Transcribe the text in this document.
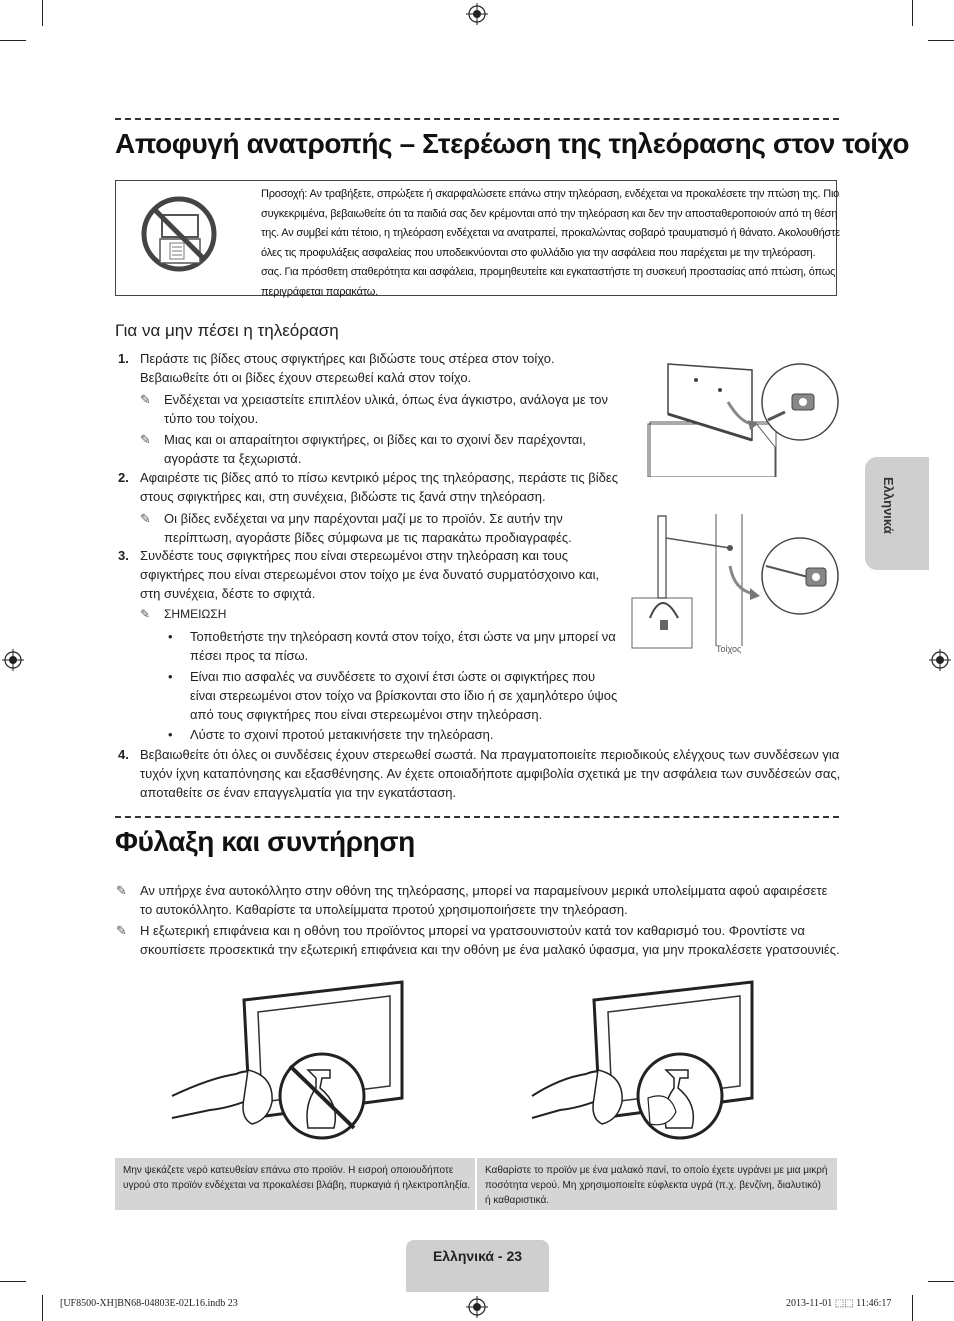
Αποφυγή ανατροπής – Στερέωση της τηλεόρασης στον τοίχο
Προσοχή: Αν τραβήξετε, σπρώξετε ή σκαρφαλώσετε επάνω στην τηλεόραση, ενδέχεται να προκαλέσετε την πτώση της. Πιο
συγκεκριμένα, βεβαιωθείτε ότι τα παιδιά σας δεν κρέμονται από την τηλεόραση και δεν την αποσταθεροποιούν από τη θέση
της. Αν συμβεί κάτι τέτοιο, η τηλεόραση ενδέχεται να ανατραπεί, προκαλώντας σοβαρό τραυματισμό ή θάνατο. Ακολουθήστε
όλες τις προφυλάξεις ασφαλείας που υποδεικνύονται στο φυλλάδιο για την ασφάλεια που παρέχεται με την τηλεόραση.
σας. Για πρόσθετη σταθερότητα και ασφάλεια, προμηθευτείτε και εγκαταστήστε τη συσκευή προστασίας από πτώση, όπως
περιγράφεται παρακάτω.
Για να μην πέσει η τηλεόραση
1. Περάστε τις βίδες στους σφιγκτήρες και βιδώστε τους στέρεα στον τοίχο.
Βεβαιωθείτε ότι οι βίδες έχουν στερεωθεί καλά στον τοίχο.
✎	Ενδέχεται να χρειαστείτε επιπλέον υλικά, όπως ένα άγκιστρο, ανάλογα με τον
τύπο του τοίχου.
✎	Μιας και οι απαραίτητοι σφιγκτήρες, οι βίδες και το σχοινί δεν παρέχονται,
αγοράστε τα ξεχωριστά.
2. Αφαιρέστε τις βίδες από το πίσω κεντρικό μέρος της τηλεόρασης, περάστε τις βίδες
στους σφιγκτήρες και, στη συνέχεια, βιδώστε τις ξανά στην τηλεόραση.
✎	Οι βίδες ενδέχεται να μην παρέχονται μαζί με το προϊόν. Σε αυτήν την
περίπτωση, αγοράστε βίδες σύμφωνα με τις παρακάτω προδιαγραφές.
3. Συνδέστε τους σφιγκτήρες που είναι στερεωμένοι στην τηλεόραση και τους
σφιγκτήρες που είναι στερεωμένοι στον τοίχο με ένα δυνατό συρματόσχοινο και,
στη συνέχεια, δέστε το σφιχτά.
✎	ΣΗΜΕΙΩΣΗ
• Τοποθετήστε την τηλεόραση κοντά στον τοίχο, έτσι ώστε να μην μπορεί να
πέσει προς τα πίσω.
• Είναι πιο ασφαλές να συνδέσετε το σχοινί έτσι ώστε οι σφιγκτήρες που
είναι στερεωμένοι στον τοίχο να βρίσκονται στο ίδιο ή σε χαμηλότερο ύψος
από τους σφιγκτήρες που είναι στερεωμένοι στην τηλεόραση.
• Λύστε το σχοινί προτού μετακινήσετε την τηλεόραση.
4. Βεβαιωθείτε ότι όλες οι συνδέσεις έχουν στερεωθεί σωστά. Να πραγματοποιείτε περιοδικούς ελέγχους των συνδέσεων για
τυχόν ίχνη καταπόνησης και εξασθένησης. Αν έχετε οποιαδήποτε αμφιβολία σχετικά με την ασφάλεια των συνδέσεών σας,
αποταθείτε σε έναν επαγγελματία για την εγκατάσταση.
Τοίχος
Φύλαξη και συντήρηση
✎	Αν υπήρχε ένα αυτοκόλλητο στην οθόνη της τηλεόρασης, μπορεί να παραμείνουν μερικά υπολείμματα αφού αφαιρέσετε
το αυτοκόλλητο. Καθαρίστε τα υπολείμματα προτού χρησιμοποιήσετε την τηλεόραση.
✎	Η εξωτερική επιφάνεια και η οθόνη του προϊόντος μπορεί να γρατσουνιστούν κατά τον καθαρισμό του. Φροντίστε να
σκουπίσετε προσεκτικά την εξωτερική επιφάνεια και την οθόνη με ένα μαλακό ύφασμα, για μην προκαλέσετε γρατσουνιές.
Μην ψεκάζετε νερό κατευθείαν επάνω στο προϊόν. Η εισροή οποιουδήποτε
υγρού στο προϊόν ενδέχεται να προκαλέσει βλάβη, πυρκαγιά ή ηλεκτροπληξία.
Καθαρίστε το προϊόν με ένα μαλακό πανί, το οποίο έχετε υγράνει με μια μικρή
ποσότητα νερού. Μη χρησιμοποιείτε εύφλεκτα υγρά (π.χ. βενζίνη, διαλυτικό)
ή καθαριστικά.
Ελληνικά
Ελληνικά - 23
[UF8500-XH]BN68-04803E-02L16.indb 23	2013-11-01 ⬚⬚ 11:46:17
